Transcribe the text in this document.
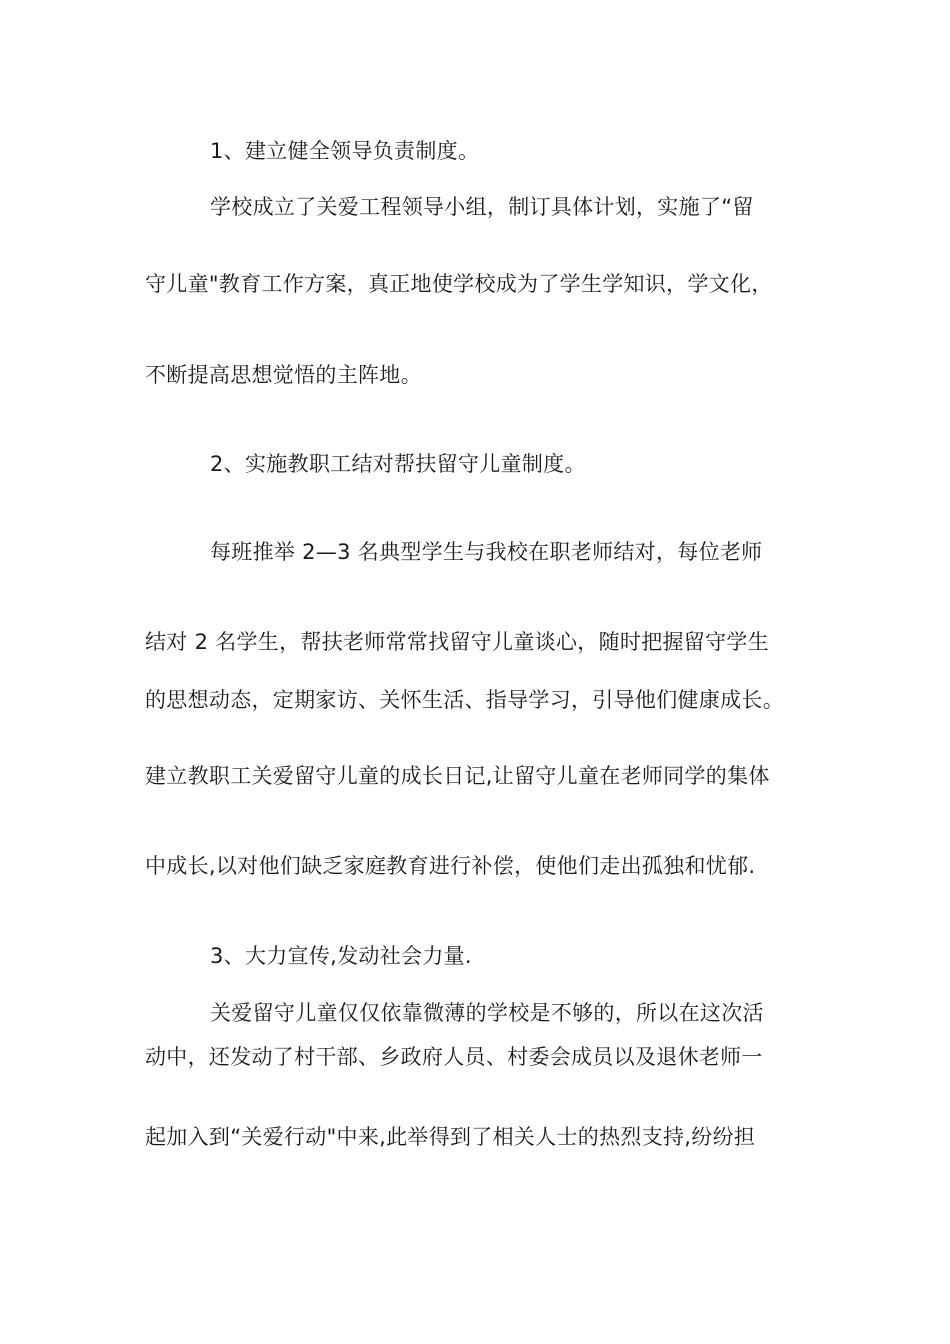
1、建立健全领导负责制度。
学校成立了关爱工程领导小组，制订具体计划，实施了“留
守儿童"教育工作方案，真正地使学校成为了学生学知识，学文化，
不断提高思想觉悟的主阵地。
2、实施教职工结对帮扶留守儿童制度。
每班推举 2—3 名典型学生与我校在职老师结对，每位老师
结对 2 名学生，帮扶老师常常找留守儿童谈心，随时把握留守学生
的思想动态，定期家访、关怀生活、指导学习，引导他们健康成长。
建立教职工关爱留守儿童的成长日记,让留守儿童在老师同学的集体
中成长,以对他们缺乏家庭教育进行补偿，使他们走出孤独和忧郁.
3、大力宣传,发动社会力量.
关爱留守儿童仅仅依靠微薄的学校是不够的，所以在这次活
动中，还发动了村干部、乡政府人员、村委会成员以及退休老师一
起加入到“关爱行动"中来,此举得到了相关人士的热烈支持,纷纷担
